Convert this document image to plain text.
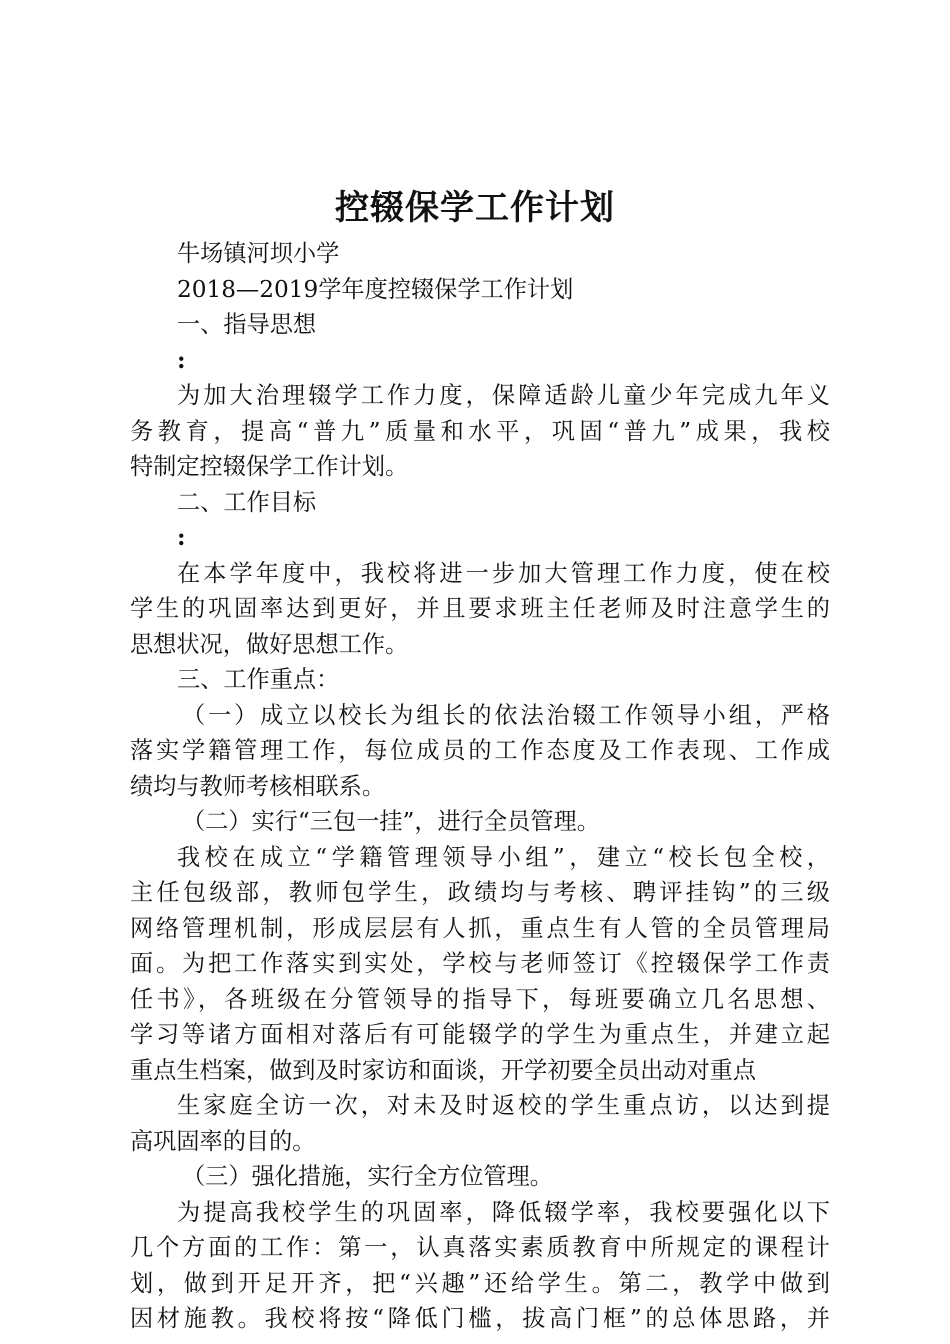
控辍保学工作计划
牛场镇河坝小学
2018—2019学年度控辍保学工作计划
一、指导思想
:
为加大治理辍学工作力度，保障适龄儿童少年完成九年义
务教育，提高“普九”质量和水平，巩固“普九”成果，我校
特制定控辍保学工作计划。
二、工作目标
:
在本学年度中，我校将进一步加大管理工作力度，使在校
学生的巩固率达到更好，并且要求班主任老师及时注意学生的
思想状况，做好思想工作。
三、工作重点：
（一）成立以校长为组长的依法治辍工作领导小组，严格
落实学籍管理工作，每位成员的工作态度及工作表现、工作成
绩均与教师考核相联系。
（二）实行“三包一挂”，进行全员管理。
我校在成立“学籍管理领导小组”，建立“校长包全校，
主任包级部，教师包学生，政绩均与考核、聘评挂钩”的三级
网络管理机制，形成层层有人抓，重点生有人管的全员管理局
面。为把工作落实到实处，学校与老师签订《控辍保学工作责
任书》，各班级在分管领导的指导下，每班要确立几名思想、
学习等诸方面相对落后有可能辍学的学生为重点生，并建立起
重点生档案，做到及时家访和面谈，开学初要全员出动对重点
生家庭全访一次，对未及时返校的学生重点访，以达到提
高巩固率的目的。
（三）强化措施，实行全方位管理。
为提高我校学生的巩固率，降低辍学率，我校要强化以下
几个方面的工作：第一，认真落实素质教育中所规定的课程计
划，做到开足开齐，把“兴趣”还给学生。第二，教学中做到
因材施教。我校将按“降低门槛，拔高门框”的总体思路，并
